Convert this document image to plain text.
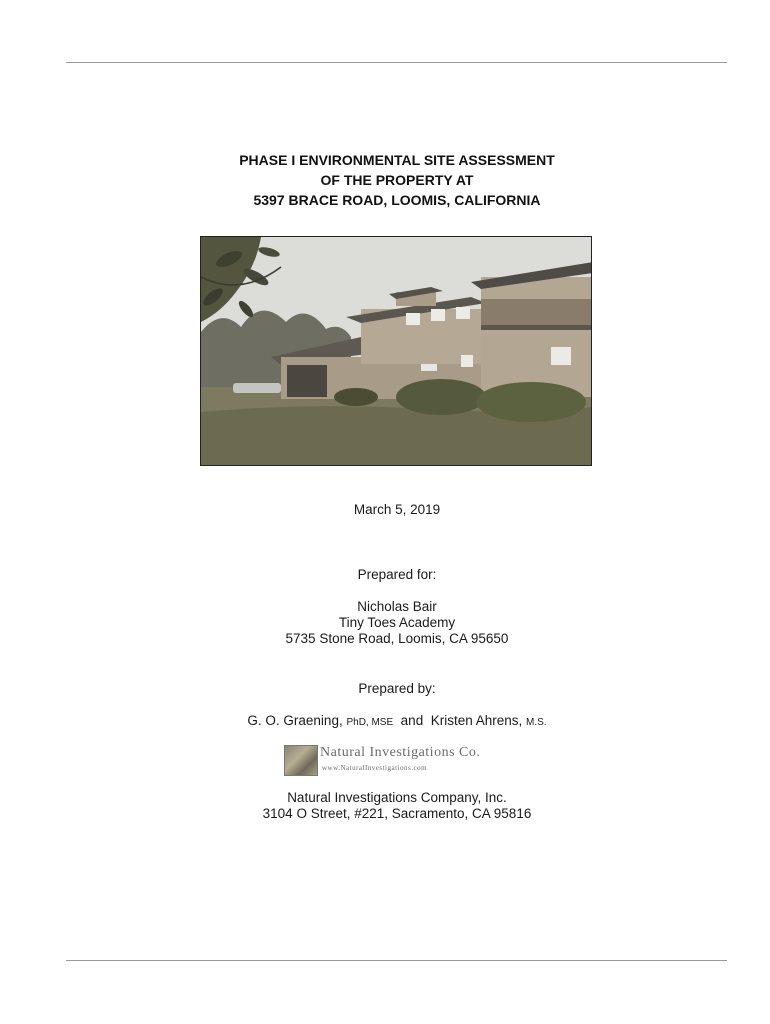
PHASE I ENVIRONMENTAL SITE ASSESSMENT
OF THE PROPERTY AT
5397 BRACE ROAD, LOOMIS, CALIFORNIA
March 5, 2019
Prepared for:
Nicholas Bair
Tiny Toes Academy
5735 Stone Road, Loomis, CA 95650
Prepared by:
G. O. Graening, PhD, MSE and Kristen Ahrens, M.S.
Natural Investigations Co.
www.NaturalInvestigations.com
Natural Investigations Company, Inc.
3104 O Street, #221, Sacramento, CA 95816
